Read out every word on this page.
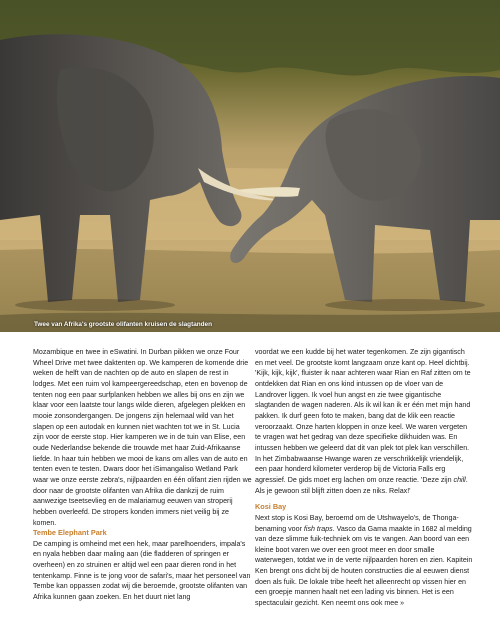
Twee van Afrika's grootste olifanten kruisen de slagtanden

Mozambique en twee in eSwatini. In Durban pikken we onze Four Wheel Drive met twee daktenten op. We kamperen de komende drie weken de helft van de nachten op de auto en slapen de rest in lodges. Met een ruim vol kampeergereedschap, eten en bovenop de tenten nog een paar surfplanken hebben we alles bij ons en zijn we klaar voor een laatste tour langs wilde dieren, afgelegen plekken en mooie zonsondergangen. De jongens zijn helemaal wild van het slapen op een autodak en kunnen niet wachten tot we in St. Lucia zijn voor de eerste stop. Hier kamperen we in de tuin van Elise, een oude Nederlandse bekende die trouwde met haar Zuid-Afrikaanse liefde. In haar tuin hebben we mooi de kans om alles van de auto en tenten even te testen. Dwars door het iSimangaliso Wetland Park waar we onze eerste zebra's, nijlpaarden en één olifant zien rijden we door naar de grootste olifanten van Afrika die dankzij de ruim aanwezige tseetsevlieg en de malariamug eeuwen van stroperij hebben overleefd. De stropers konden immers niet veilig bij ze komen.

Tembe Elephant Park

De camping is omheind met een hek, maar parelhoenders, impala's en nyala hebben daar maling aan (die fladderen of springen er overheen) en zo struinen er altijd wel een paar dieren rond in het tentenkamp. Finne is te jong voor de safari's, maar het personeel van Tembe kan oppassen zodat wij die beroemde, grootste olifanten van Afrika kunnen gaan zoeken. En het duurt niet lang

voordat we een kudde bij het water tegenkomen. Ze zijn gigantisch en met veel. De grootste komt langzaam onze kant op. Heel dichtbij. 'Kijk, kijk, kijk', fluister ik naar achteren waar Rian en Raf zitten om te ontdekken dat Rian en ons kind intussen op de vloer van de Landrover liggen. Ik voel hun angst en zie twee gigantische slagtanden de wagen naderen. Als ik wil kan ik er één met mijn hand pakken. Ik durf geen foto te maken, bang dat de klik een reactie veroorzaakt. Onze harten kloppen in onze keel. We waren vergeten te vragen wat het gedrag van deze specifieke dikhuiden was. En intussen hebben we geleerd dat dit van plek tot plek kan verschillen. In het Zimbabwaanse Hwange waren ze verschrikkelijk vriendelijk, een paar honderd kilometer verderop bij de Victoria Falls erg agressief. De gids moet erg lachen om onze reactie. 'Deze zijn chill. Als je gewoon stil blijft zitten doen ze niks. Relax!'

Kosi Bay

Next stop is Kosi Bay, beroemd om de Utshwayelo's, de Thonga-benaming voor fish traps. Vasco da Gama maakte in 1682 al melding van deze slimme fuik-techniek om vis te vangen. Aan boord van een kleine boot varen we over een groot meer en door smalle waterwegen, totdat we in de verte nijlpaarden horen en zien. Kapitein Ken brengt ons dicht bij de houten constructies die al eeuwen dienst doen als fuik. De lokale tribe heeft het alleenrecht op vissen hier en een groepje mannen haalt net een lading vis binnen. Het is een spectaculair gezicht. Ken neemt ons ook mee »
